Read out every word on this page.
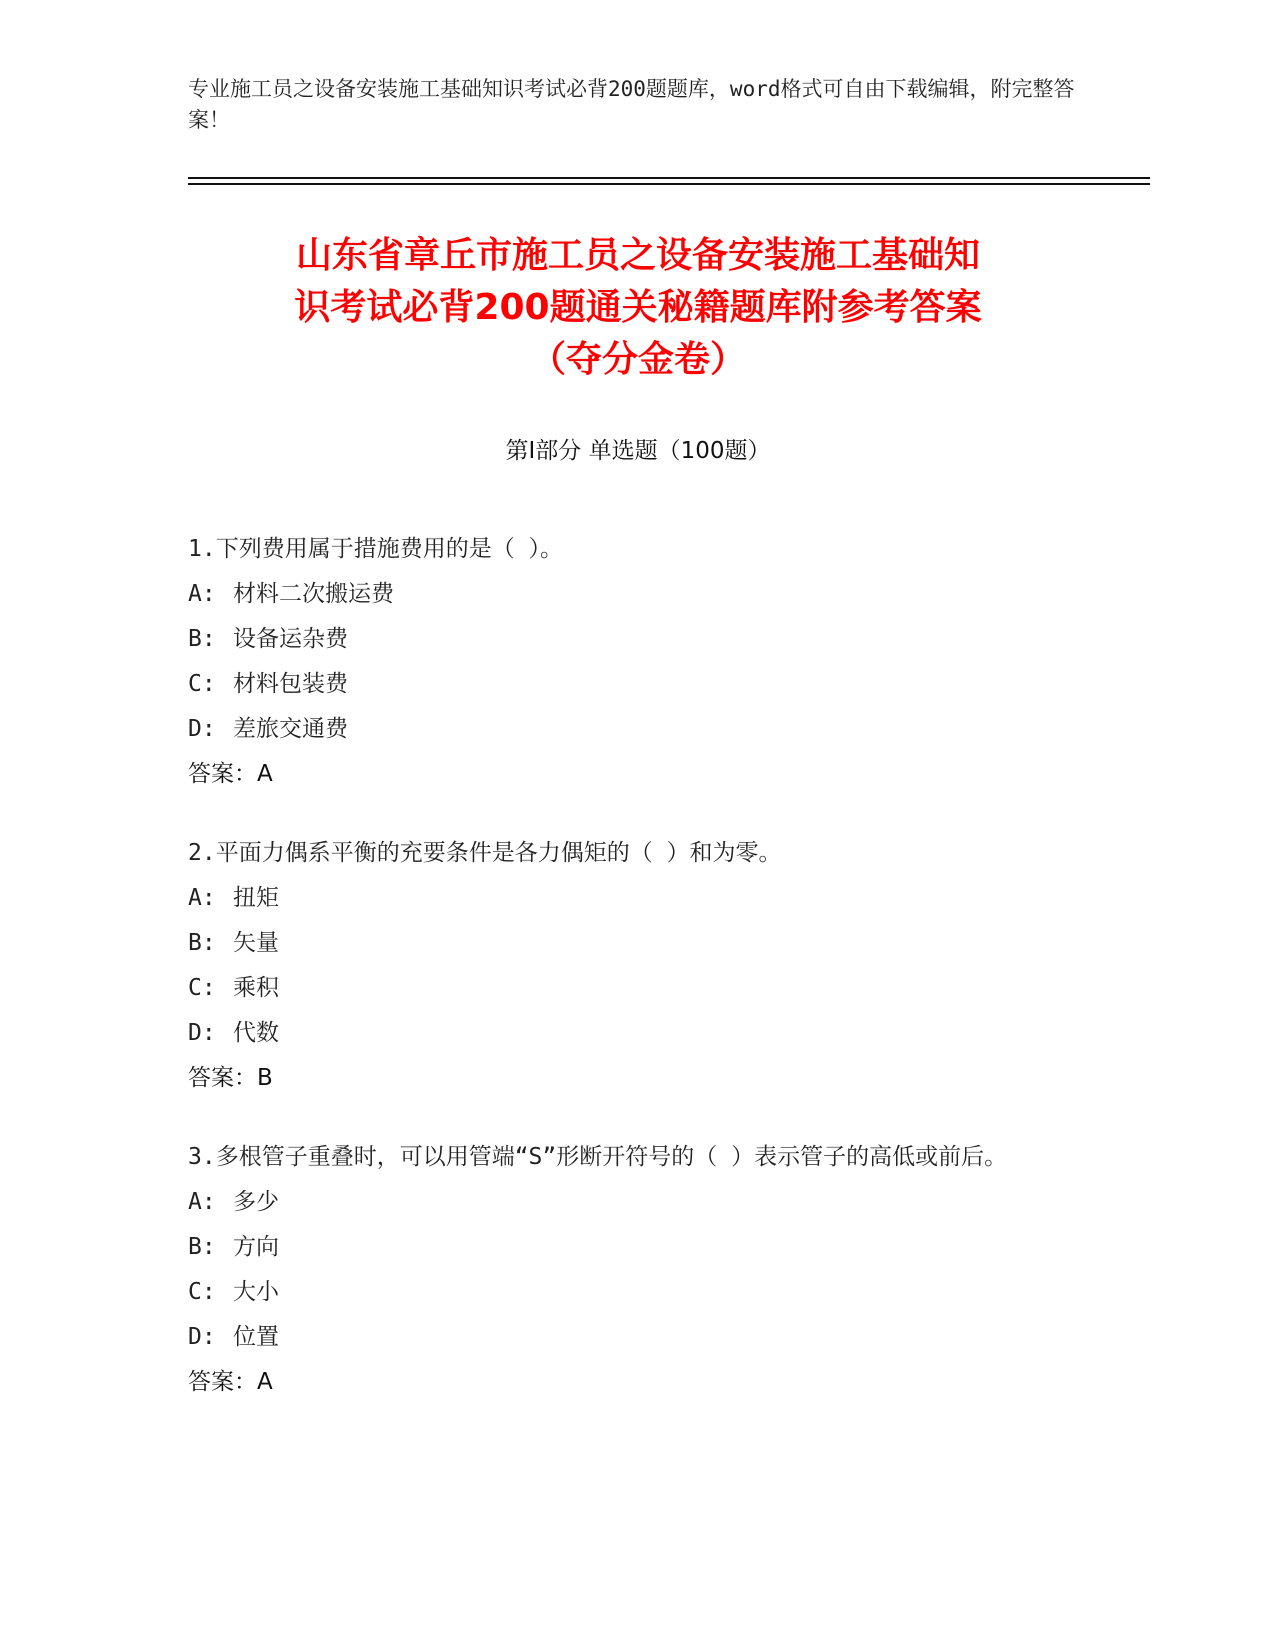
专业施工员之设备安装施工基础知识考试必背200题题库，word格式可自由下载编辑，附完整答案！
山东省章丘市施工员之设备安装施工基础知
识考试必背200题通关秘籍题库附参考答案
（夺分金卷）
第Ⅰ部分 单选题（100题）

1.下列费用属于措施费用的是（ ）。

A: 材料二次搬运费

B: 设备运杂费

C: 材料包装费

D: 差旅交通费

答案：A

2.平面力偶系平衡的充要条件是各力偶矩的（ ）和为零。

A: 扭矩

B: 矢量

C: 乘积

D: 代数

答案：B

3.多根管子重叠时，可以用管端“S”形断开符号的（ ）表示管子的高低或前后。

A: 多少

B: 方向

C: 大小

D: 位置

答案：A
